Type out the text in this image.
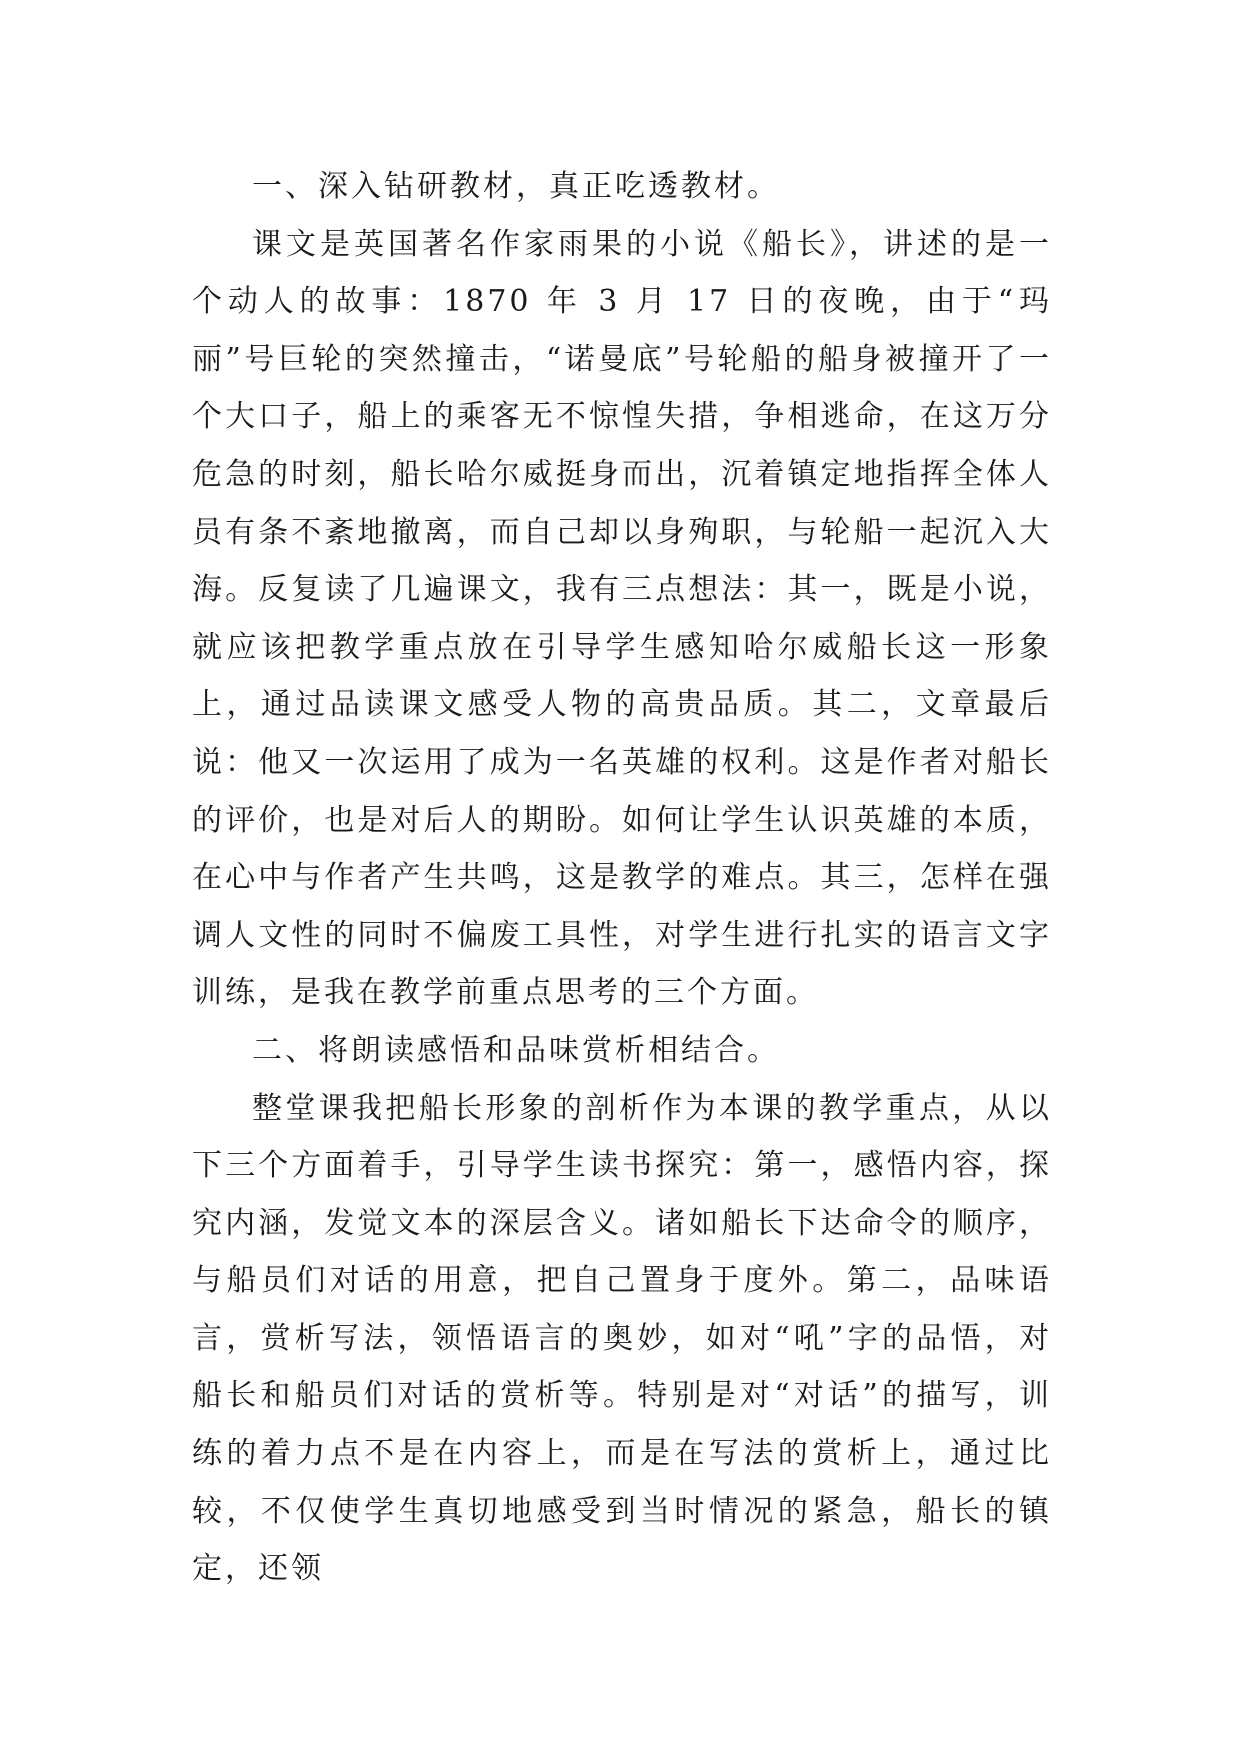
一、深入钻研教材，真正吃透教材。

课文是英国著名作家雨果的小说《船长》，讲述的是一个动人的故事：1870 年 3 月 17 日的夜晚，由于“玛丽”号巨轮的突然撞击，“诺曼底”号轮船的船身被撞开了一个大口子，船上的乘客无不惊惶失措，争相逃命，在这万分危急的时刻，船长哈尔威挺身而出，沉着镇定地指挥全体人员有条不紊地撤离，而自己却以身殉职，与轮船一起沉入大海。反复读了几遍课文，我有三点想法：其一，既是小说，就应该把教学重点放在引导学生感知哈尔威船长这一形象上，通过品读课文感受人物的高贵品质。其二，文章最后说：他又一次运用了成为一名英雄的权利。这是作者对船长的评价，也是对后人的期盼。如何让学生认识英雄的本质，在心中与作者产生共鸣，这是教学的难点。其三，怎样在强调人文性的同时不偏废工具性，对学生进行扎实的语言文字训练，是我在教学前重点思考的三个方面。

二、将朗读感悟和品味赏析相结合。

整堂课我把船长形象的剖析作为本课的教学重点，从以下三个方面着手，引导学生读书探究：第一，感悟内容，探究内涵，发觉文本的深层含义。诸如船长下达命令的顺序，与船员们对话的用意，把自己置身于度外。第二，品味语言，赏析写法，领悟语言的奥妙，如对“吼”字的品悟，对船长和船员们对话的赏析等。特别是对“对话”的描写，训练的着力点不是在内容上，而是在写法的赏析上，通过比较，不仅使学生真切地感受到当时情况的紧急，船长的镇定，还领
